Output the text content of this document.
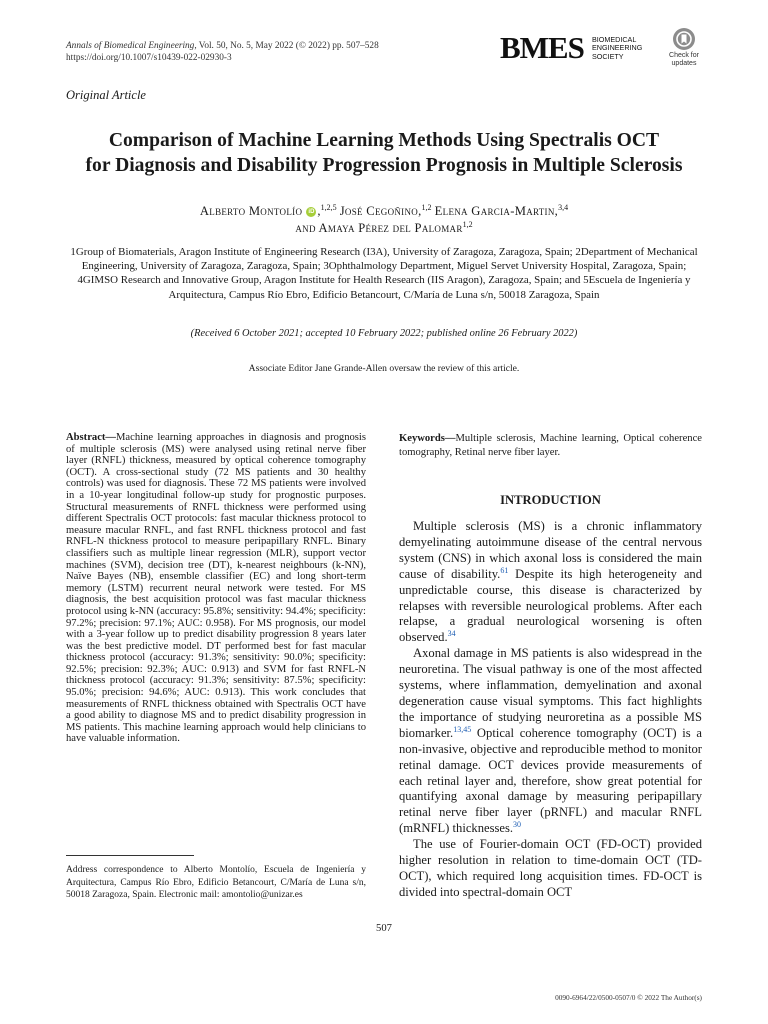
Annals of Biomedical Engineering, Vol. 50, No. 5, May 2022 (© 2022) pp. 507–528
https://doi.org/10.1007/s10439-022-02930-3	BMES BIOMEDICAL
ENGINEERING
SOCIETY	Check for
updates
Original Article
Comparison of Machine Learning Methods Using Spectralis OCT
for Diagnosis and Disability Progression Prognosis in Multiple Sclerosis
Alberto Montolío iD ,$^{1,2,5}$ José Cegoñino,$^{1,2}$ Elena Garcia-Martin,$^{3,4}$
and Amaya Pérez del Palomar$^{1,2}$
1Group of Biomaterials, Aragon Institute of Engineering Research (I3A), University of Zaragoza, Zaragoza, Spain; 2Department of Mechanical Engineering, University of Zaragoza, Zaragoza, Spain; 3Ophthalmology Department, Miguel Servet University Hospital, Zaragoza, Spain; 4GIMSO Research and Innovative Group, Aragon Institute for Health Research (IIS Aragon), Zaragoza, Spain; and 5Escuela de Ingeniería y Arquitectura, Campus Río Ebro, Edificio Betancourt, C/María de Luna s/n, 50018 Zaragoza, Spain
(Received 6 October 2021; accepted 10 February 2022; published online 26 February 2022)
Associate Editor Jane Grande-Allen oversaw the review of this article.
Abstract—Machine learning approaches in diagnosis and prognosis of multiple sclerosis (MS) were analysed using retinal nerve fiber layer (RNFL) thickness, measured by optical coherence tomography (OCT). A cross-sectional study (72 MS patients and 30 healthy controls) was used for diagnosis. These 72 MS patients were involved in a 10-year longitudinal follow-up study for prognostic purposes. Structural measurements of RNFL thickness were performed using different Spectralis OCT protocols: fast macular thickness protocol to measure macular RNFL, and fast RNFL thickness protocol and fast RNFL-N thickness protocol to measure peripapillary RNFL. Binary classifiers such as multiple linear regression (MLR), support vector machines (SVM), decision tree (DT), k-nearest neighbours (k-NN), Naïve Bayes (NB), ensemble classifier (EC) and long short-term memory (LSTM) recurrent neural network were tested. For MS diagnosis, the best acquisition protocol was fast macular thickness protocol using k-NN (accuracy: 95.8%; sensitivity: 94.4%; specificity: 97.2%; precision: 97.1%; AUC: 0.958). For MS prognosis, our model with a 3-year follow up to predict disability progression 8 years later was the best predictive model. DT performed best for fast macular thickness protocol (accuracy: 91.3%; sensitivity: 90.0%; specificity: 92.5%; precision: 92.3%; AUC: 0.913) and SVM for fast RNFL-N thickness protocol (accuracy: 91.3%; sensitivity: 87.5%; specificity: 95.0%; precision: 94.6%; AUC: 0.913). This work concludes that measurements of RNFL thickness obtained with Spectralis OCT have a good ability to diagnose MS and to predict disability progression in MS patients. This machine learning approach would help clinicians to have valuable information.
Keywords—Multiple sclerosis, Machine learning, Optical coherence tomography, Retinal nerve fiber layer.
INTRODUCTION

Multiple sclerosis (MS) is a chronic inflammatory demyelinating autoimmune disease of the central nervous system (CNS) in which axonal loss is considered the main cause of disability.$^{61}$ Despite its high heterogeneity and unpredictable course, this disease is characterized by relapses with reversible neurological problems. After each relapse, a gradual neurological worsening is often observed.$^{34}$

Axonal damage in MS patients is also widespread in the neuroretina. The visual pathway is one of the most affected systems, where inflammation, demyelination and axonal degeneration cause visual symptoms. This fact highlights the importance of studying neuroretina as a possible MS biomarker.$^{13,45}$ Optical coherence tomography (OCT) is a non-invasive, objective and reproducible method to monitor retinal damage. OCT devices provide measurements of each retinal layer and, therefore, show great potential for quantifying axonal damage by measuring peripapillary retinal nerve fiber layer (pRNFL) and macular RNFL (mRNFL) thicknesses.$^{30}$

The use of Fourier-domain OCT (FD-OCT) provided higher resolution in relation to time-domain OCT (TD-OCT), which required long acquisition times. FD-OCT is divided into spectral-domain OCT

Address correspondence to Alberto Montolío, Escuela de Ingeniería y Arquitectura, Campus Río Ebro, Edificio Betancourt, C/María de Luna s/n, 50018 Zaragoza, Spain. Electronic mail: amontolio@unizar.es
507
0090-6964/22/0500-0507/0 © 2022 The Author(s)
